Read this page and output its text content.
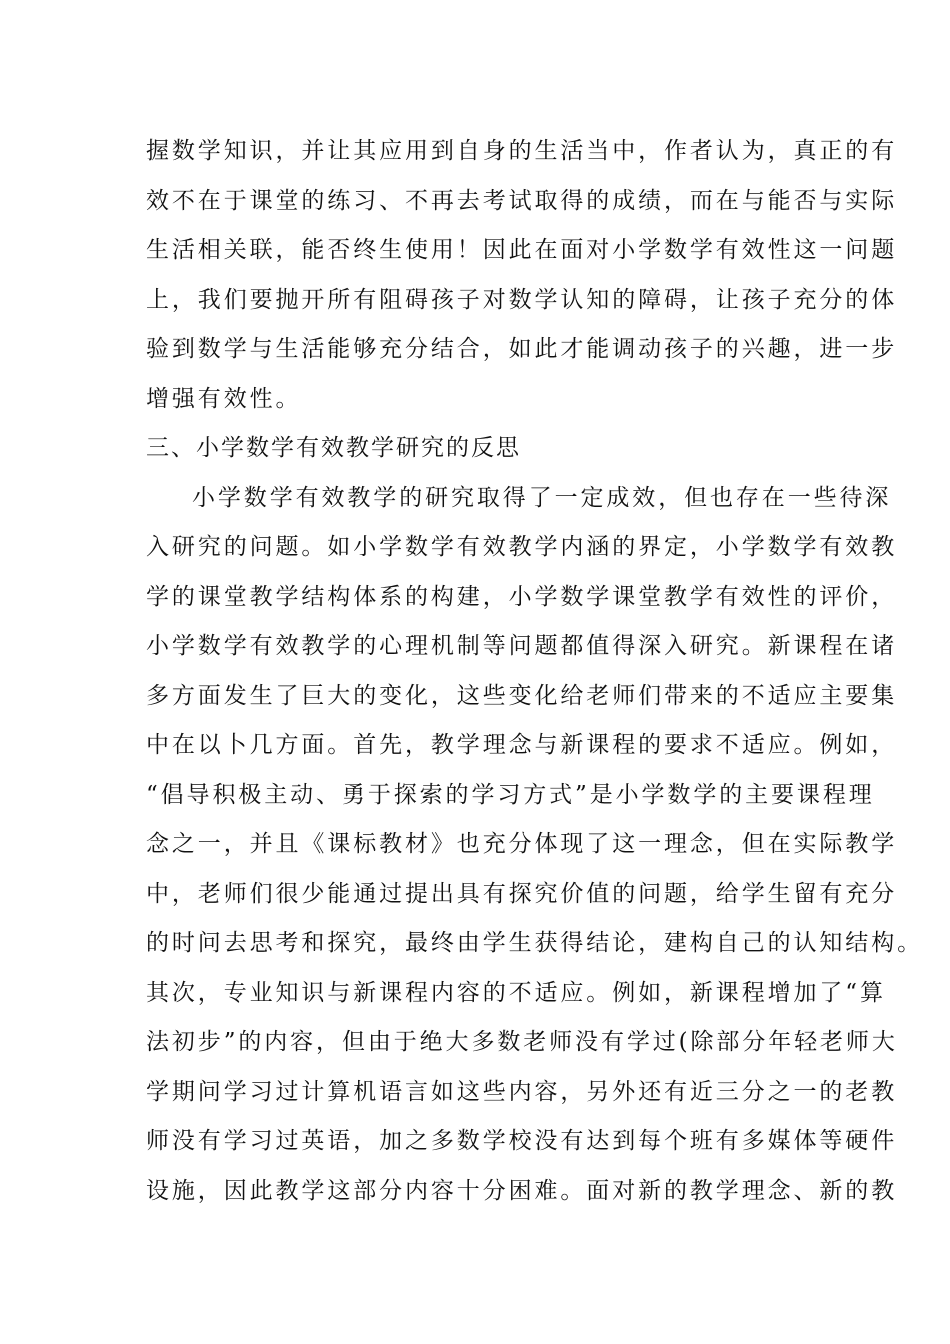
握数学知识，并让其应用到自身的生活当中，作者认为，真正的有
效不在于课堂的练习、不再去考试取得的成绩，而在与能否与实际
生活相关联，能否终生使用！因此在面对小学数学有效性这一问题
上，我们要抛开所有阻碍孩子对数学认知的障碍，让孩子充分的体
验到数学与生活能够充分结合，如此才能调动孩子的兴趣，进一步
增强有效性。
三、小学数学有效教学研究的反思
小学数学有效教学的研究取得了一定成效，但也存在一些待深
入研究的问题。如小学数学有效教学内涵的界定，小学数学有效教
学的课堂教学结构体系的构建，小学数学课堂教学有效性的评价，
小学数学有效教学的心理机制等问题都值得深入研究。新课程在诸
多方面发生了巨大的变化，这些变化给老师们带来的不适应主要集
中在以卜几方面。首先，教学理念与新课程的要求不适应。例如，
“倡导积极主动、勇于探索的学习方式”是小学数学的主要课程理
念之一，并且《课标教材》也充分体现了这一理念，但在实际教学
中，老师们很少能通过提出具有探究价值的问题，给学生留有充分
的时问去思考和探究，最终由学生获得结论，建构自己的认知结构。
其次，专业知识与新课程内容的不适应。例如，新课程增加了“算
法初步”的内容，但由于绝大多数老师没有学过(除部分年轻老师大
学期问学习过计算机语言如这些内容，另外还有近三分之一的老教
师没有学习过英语，加之多数学校没有达到每个班有多媒体等硬件
设施，因此教学这部分内容十分困难。面对新的教学理念、新的教
